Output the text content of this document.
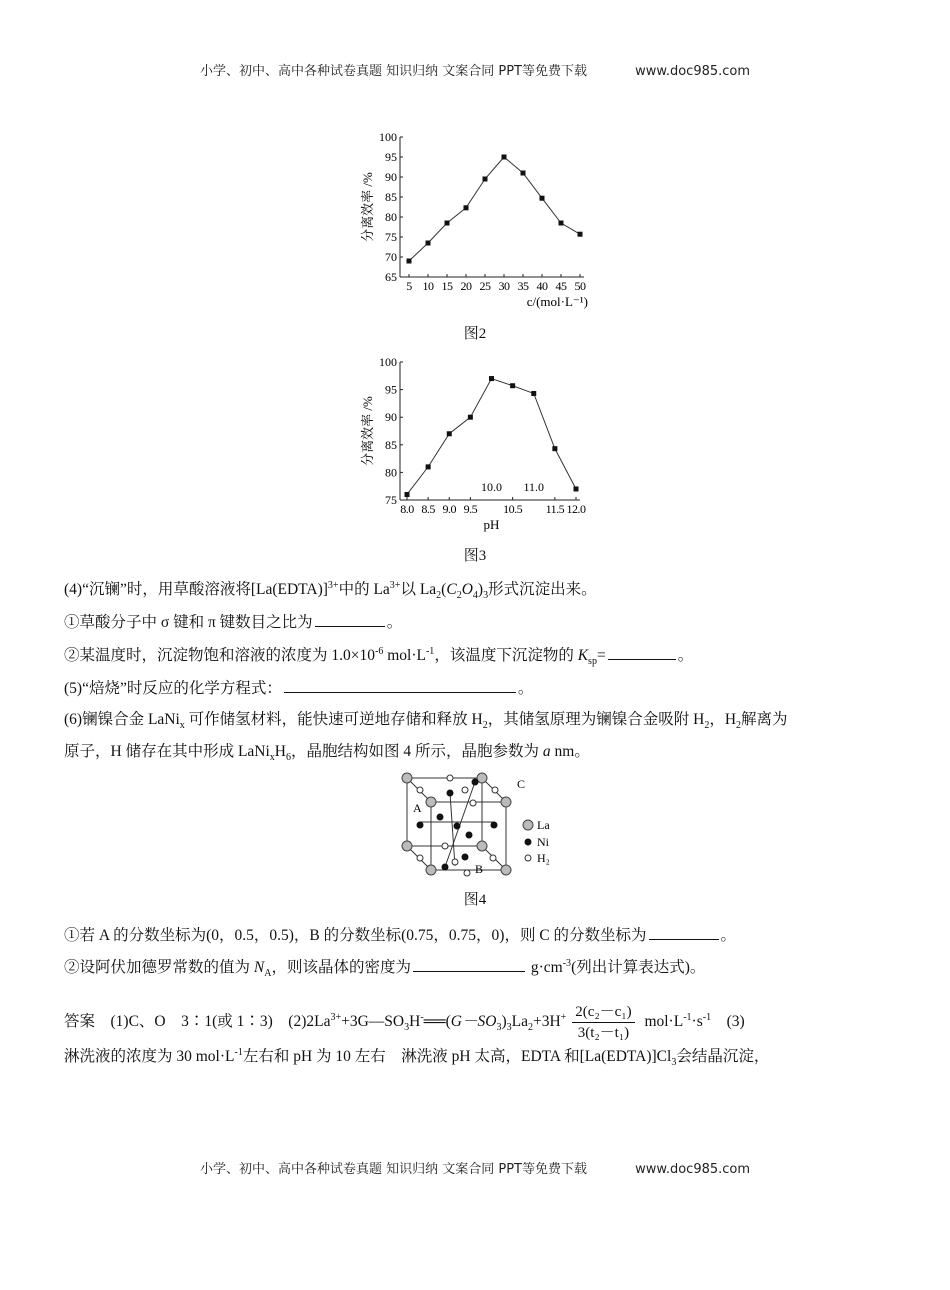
小学、初中、高中各种试卷真题 知识归纳 文案合同 PPT等免费下载	www.doc985.com
65
70
75
80
85
90
95
100
5 10 15 20 25 30 35 40 45 50
分离效率 /%
c/(mol·L⁻¹)
图2
75
80
85
90
95
100
8.0 8.5 9.0 9.5 10.5 11.5 12.0
10.0 11.0
分离效率 /%
pH
图3
(4)“沉镧”时，用草酸溶液将[La(EDTA)]$^{3+}$中的 $La^{3+}$以 $La_2(C_2O_4)_3$形式沉淀出来。
①草酸分子中 σ 键和 π 键数目之比为	。
②某温度时，沉淀物饱和溶液的浓度为 $1.0\times 10^{-6}$ $mol\cdot L^{-1}$，该温度下沉淀物的 $K_{sp}=$	。
(5)“焙烧”时反应的化学方程式：	。
(6)镧镍合金 LaNi$_x$ 可作储氢材料，能快速可逆地存储和释放 $H_2$，其储氢原理为镧镍合金吸附 $H_2$，$H_2$解离为
原子，H 储存在其中形成 $LaNi_xH_6$，晶胞结构如图 4 所示，晶胞参数为 a nm。
①若 A 的分数坐标为(0，0.5，0.5)，B 的分数坐标(0.75，0.75，0)，则 C 的分数坐标为	。
②设阿伏加德罗常数的值为 $N_A$，则该晶体的密度为	$g\cdot cm^{-3}$(列出计算表达式)。
答案　(1)C、O　3∶1(或 1∶3)　$(2)2La^{3+}+3G—SO_3H^-══(G-SO_3)_3La_2+3H^+ \frac{\text{2(c₂－c₁)}}{\text{3(t₂－t₁)}} mol\cdot L^{-1}\cdot s^{-1}$　(3)
淋洗液的浓度为 30 $mol\cdot L^{-1}$左右和 pH 为 10 左右　淋洗液 pH 太高，EDTA 和$[La(EDTA)]Cl_3$会结晶沉淀，
A
B
C
La
Ni
H₂
图4
小学、初中、高中各种试卷真题 知识归纳 文案合同 PPT等免费下载	www.doc985.com
